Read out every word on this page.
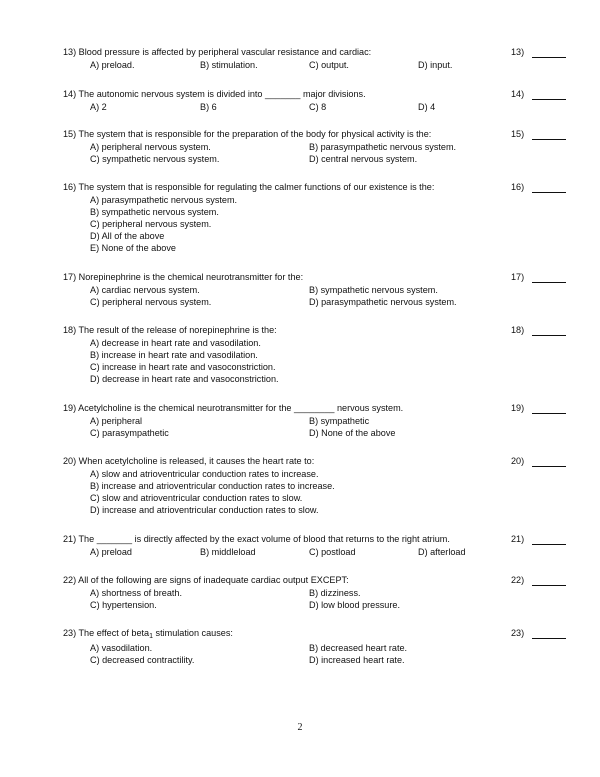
13) Blood pressure is affected by peripheral vascular resistance and cardiac:	13)
A) preload.	B) stimulation.	C) output.	D) input.
14) The autonomic nervous system is divided into _______ major divisions.	14)
A) 2	B) 6	C) 8	D) 4
15) The system that is responsible for the preparation of the body for physical activity is the:	15)
A) peripheral nervous system.	B) parasympathetic nervous system.
C) sympathetic nervous system.	D) central nervous system.
16) The system that is responsible for regulating the calmer functions of our existence is the:	16)
A) parasympathetic nervous system.
B) sympathetic nervous system.
C) peripheral nervous system.
D) All of the above
E) None of the above
17) Norepinephrine is the chemical neurotransmitter for the:	17)
A) cardiac nervous system.	B) sympathetic nervous system.
C) peripheral nervous system.	D) parasympathetic nervous system.
18) The result of the release of norepinephrine is the:	18)
A) decrease in heart rate and vasodilation.
B) increase in heart rate and vasodilation.
C) increase in heart rate and vasoconstriction.
D) decrease in heart rate and vasoconstriction.
19) Acetylcholine is the chemical neurotransmitter for the ________ nervous system.	19)
A) peripheral	B) sympathetic
C) parasympathetic	D) None of the above
20) When acetylcholine is released, it causes the heart rate to:	20)
A) slow and atrioventricular conduction rates to increase.
B) increase and atrioventricular conduction rates to increase.
C) slow and atrioventricular conduction rates to slow.
D) increase and atrioventricular conduction rates to slow.
21) The _______ is directly affected by the exact volume of blood that returns to the right atrium.	21)
A) preload	B) middleload	C) postload	D) afterload
22) All of the following are signs of inadequate cardiac output EXCEPT:	22)
A) shortness of breath.	B) dizziness.
C) hypertension.	D) low blood pressure.
23) The effect of beta$_1$ stimulation causes:	23)
A) vasodilation.	B) decreased heart rate.
C) decreased contractility.	D) increased heart rate.
2
